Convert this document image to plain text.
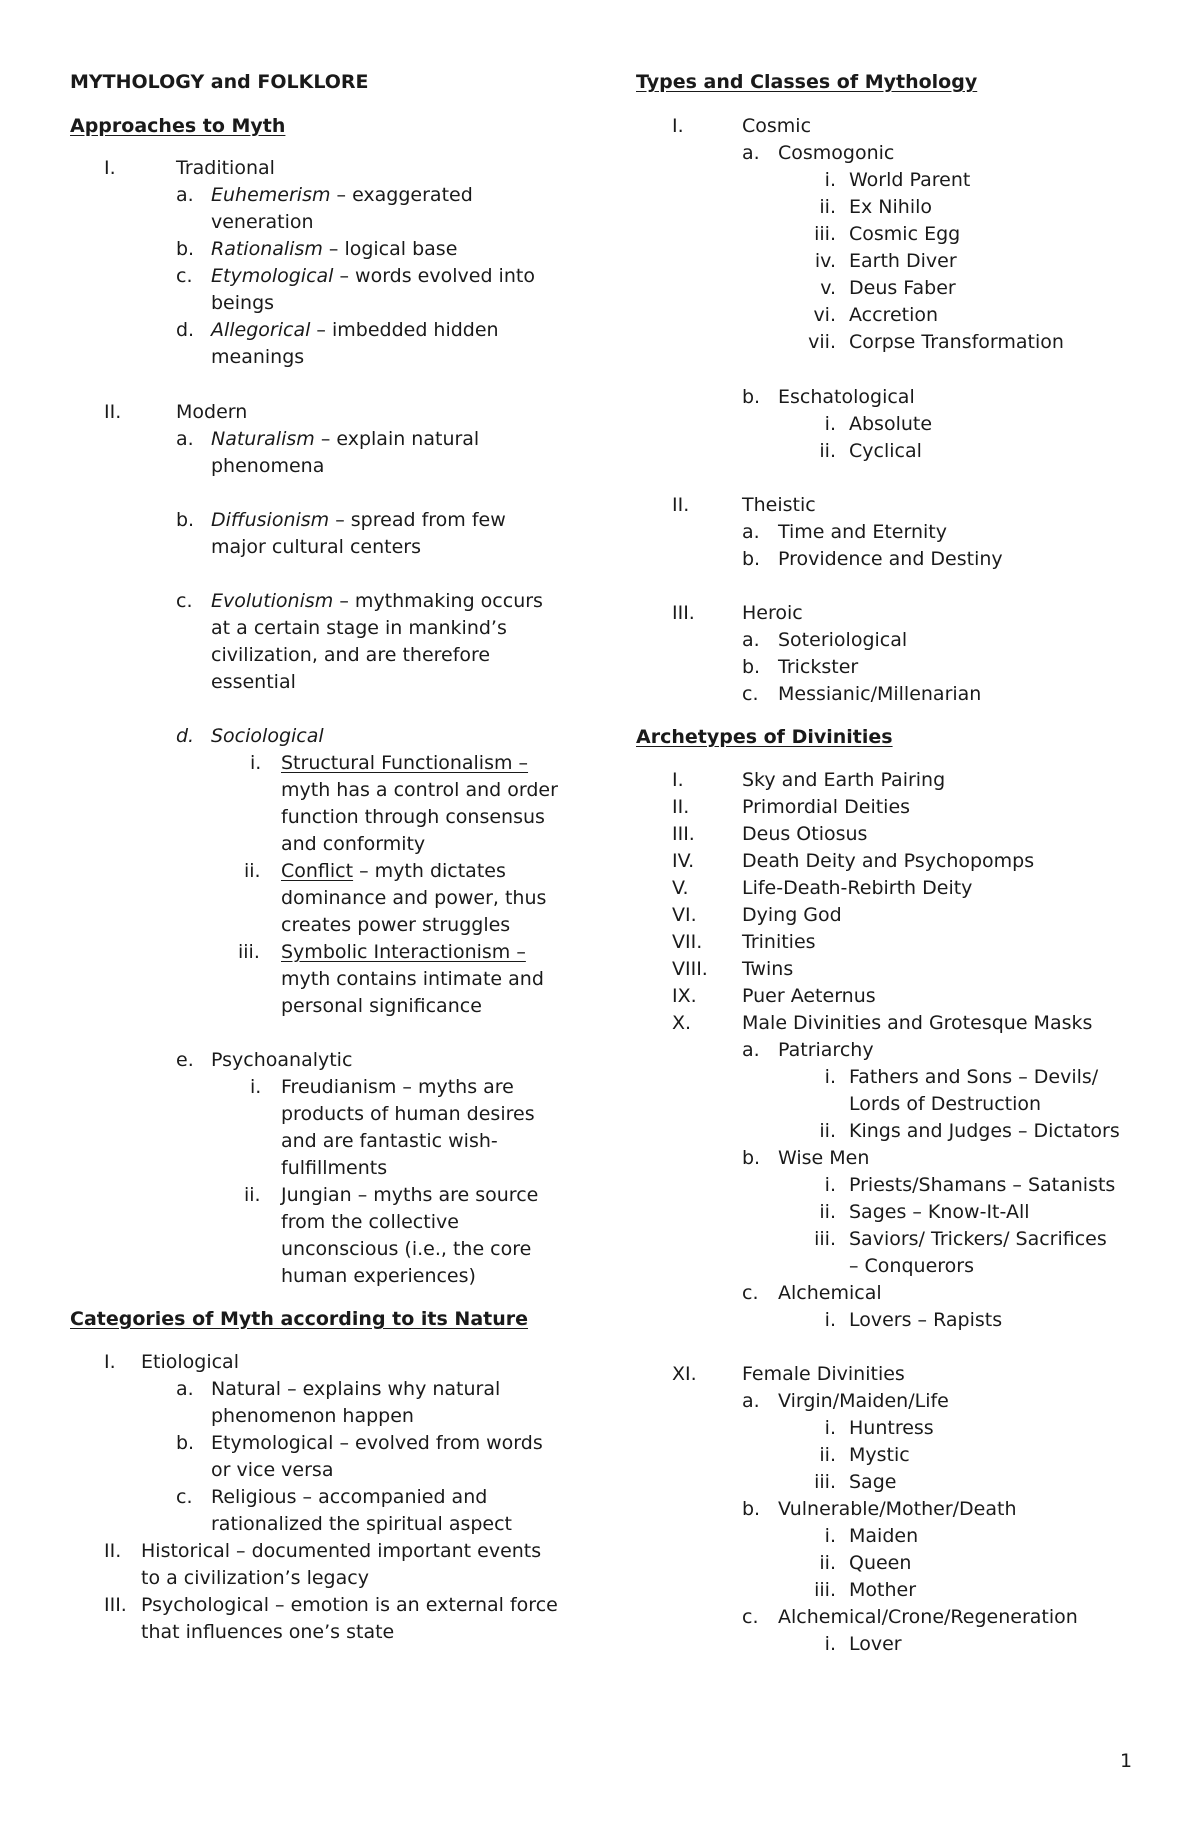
MYTHOLOGY and FOLKLORE
Approaches to Myth
I.	Traditional
a. Euhemerism – exaggerated
veneration
b. Rationalism – logical base
c. Etymological – words evolved into
beings
d. Allegorical – imbedded hidden
meanings
II.	Modern
a. Naturalism – explain natural
phenomena
b. Diffusionism – spread from few
major cultural centers
c. Evolutionism – mythmaking occurs
at a certain stage in mankind’s
civilization, and are therefore
essential
d. Sociological
i. Structural Functionalism –
myth has a control and order
function through consensus
and conformity
ii. Conflict – myth dictates
dominance and power, thus
creates power struggles
iii. Symbolic Interactionism –
myth contains intimate and
personal significance
e. Psychoanalytic
i. Freudianism – myths are
products of human desires
and are fantastic wish-
fulfillments
ii. Jungian – myths are source
from the collective
unconscious (i.e., the core
human experiences)
Categories of Myth according to its Nature
I. Etiological
a. Natural – explains why natural
phenomenon happen
b. Etymological – evolved from words
or vice versa
c. Religious – accompanied and
rationalized the spiritual aspect
II. Historical – documented important events
to a civilization’s legacy
III. Psychological – emotion is an external force
that influences one’s state
Types and Classes of Mythology
I.	Cosmic
a. Cosmogonic
i. World Parent
ii. Ex Nihilo
iii. Cosmic Egg
iv. Earth Diver
v. Deus Faber
vi. Accretion
vii. Corpse Transformation
b. Eschatological
i. Absolute
ii. Cyclical
II.	Theistic
a. Time and Eternity
b. Providence and Destiny
III. Heroic
a. Soteriological
b. Trickster
c. Messianic/Millenarian
Archetypes of Divinities
I.	Sky and Earth Pairing
II.	Primordial Deities
III. Deus Otiosus
IV.	Death Deity and Psychopomps
V.	Life-Death-Rebirth Deity
VI. Dying God
VII. Trinities
VIII. Twins
IX. Puer Aeternus
X.	Male Divinities and Grotesque Masks
a. Patriarchy
i. Fathers and Sons – Devils/
Lords of Destruction
ii. Kings and Judges – Dictators
b. Wise Men
i. Priests/Shamans – Satanists
ii. Sages – Know-It-All
iii. Saviors/ Trickers/ Sacrifices
– Conquerors
c. Alchemical
i. Lovers – Rapists
XI. Female Divinities
a. Virgin/Maiden/Life
i. Huntress
ii. Mystic
iii. Sage
b. Vulnerable/Mother/Death
i. Maiden
ii. Queen
iii. Mother
c. Alchemical/Crone/Regeneration
i. Lover
1
